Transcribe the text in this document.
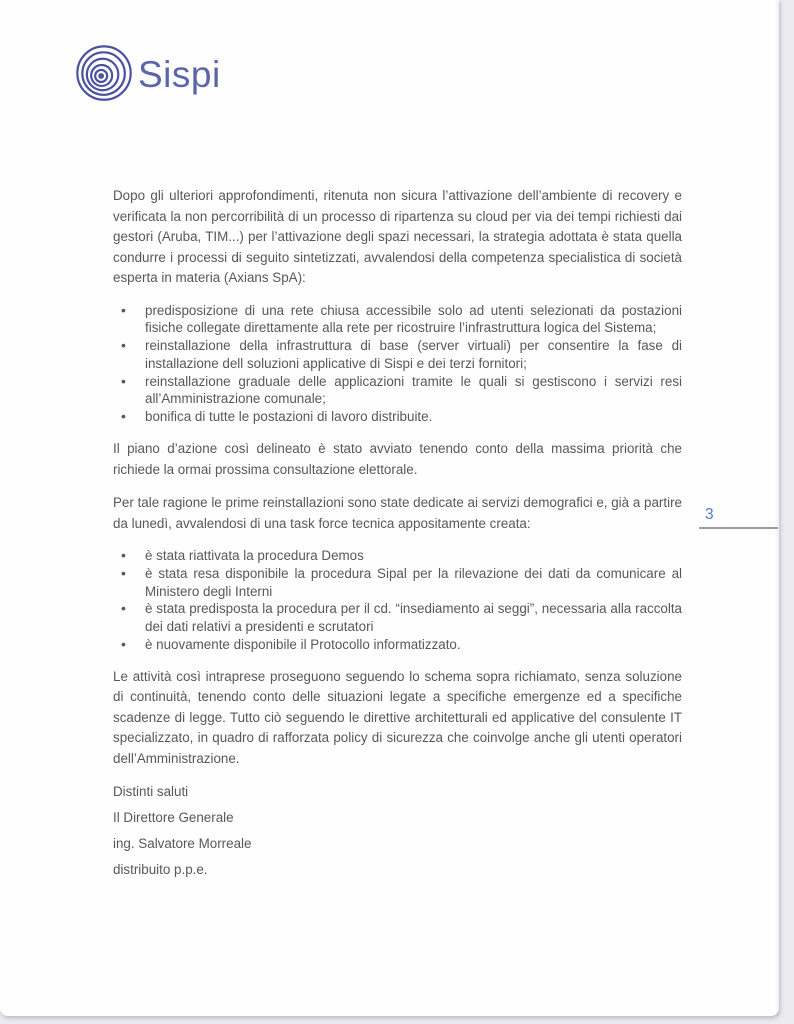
Sispi

Dopo gli ulteriori approfondimenti, ritenuta non sicura l’attivazione dell’ambiente di recovery e verificata la non percorribilità di un processo di ripartenza su cloud per via dei tempi richiesti dai gestori (Aruba, TIM...) per l’attivazione degli spazi necessari, la strategia adottata è stata quella condurre i processi di seguito sintetizzati, avvalendosi della competenza specialistica di società esperta in materia (Axians SpA):

• predisposizione di una rete chiusa accessibile solo ad utenti selezionati da postazioni fisiche collegate direttamente alla rete per ricostruire l’infrastruttura logica del Sistema;
• reinstallazione della infrastruttura di base (server virtuali) per consentire la fase di installazione dell soluzioni applicative di Sispi e dei terzi fornitori;
• reinstallazione graduale delle applicazioni tramite le quali si gestiscono i servizi resi all’Amministrazione comunale;
• bonifica di tutte le postazioni di lavoro distribuite.

Il piano d’azione così delineato è stato avviato tenendo conto della massima priorità che richiede la ormai prossima consultazione elettorale.

Per tale ragione le prime reinstallazioni sono state dedicate ai servizi demografici e, già a partire da lunedì, avvalendosi di una task force tecnica appositamente creata:

• è stata riattivata la procedura Demos
• è stata resa disponibile la procedura Sipal per la rilevazione dei dati da comunicare al Ministero degli Interni
• è stata predisposta la procedura per il cd. “insediamento ai seggi”, necessaria alla raccolta dei dati relativi a presidenti e scrutatori
• è nuovamente disponibile il Protocollo informatizzato.

Le attività così intraprese proseguono seguendo lo schema sopra richiamato, senza soluzione di continuità, tenendo conto delle situazioni legate a specifiche emergenze ed a specifiche scadenze di legge. Tutto ciò seguendo le direttive architetturali ed applicative del consulente IT specializzato, in quadro di rafforzata policy di sicurezza che coinvolge anche gli utenti operatori dell’Amministrazione.

Distinti saluti

Il Direttore Generale

ing. Salvatore Morreale

distribuito p.p.e.

3
